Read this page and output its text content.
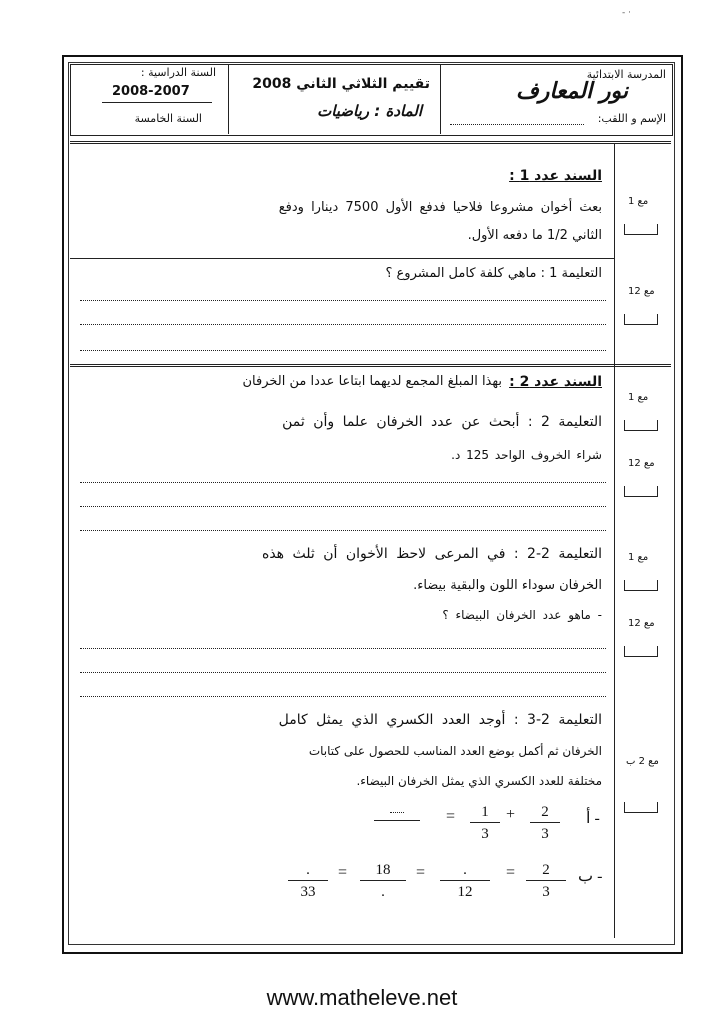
- ·
المدرسة الابتدائية
نور المعارف
الإسم و اللقب:
تقييم الثلاثي الثاني 2008
المادة : رياضيات
السنة الدراسية :
2008-2007
السنة الخامسة
السند عدد 1 :
بعث أخوان مشروعا فلاحيا فدفع الأول 7500 دينارا ودفع
الثاني 1/2 ما دفعه الأول.
التعليمة 1 : ماهي كلفة كامل المشروع ؟
مع 1
مع 12
السند عدد 2 :
بهذا المبلغ المجمع لديهما ابتاعا عددا من الخرفان
التعليمة 2 : أبحث عن عدد الخرفان علما وأن ثمن
شراء الخروف الواحد 125 د.
مع 1
مع 12
التعليمة 2-2 : في المرعى لاحظ الأخوان أن ثلث هذه
الخرفان سوداء اللون والبقية بيضاء.
- ماهو عدد الخرفان البيضاء ؟
مع 1
مع 12
التعليمة 2-3 : أوجد العدد الكسري الذي يمثل كامل
الخرفان ثم أكمل بوضع العدد المناسب للحصول على كتابات
مختلفة للعدد الكسري الذي يمثل الخرفان البيضاء.
مع 2 ب
أ -
$\frac{2}{3}$
+
$\frac{1}{3}$
=
ب -
$\frac{2}{3}$
=
.
12
=
18
.
=
.
33
www.matheleve.net
